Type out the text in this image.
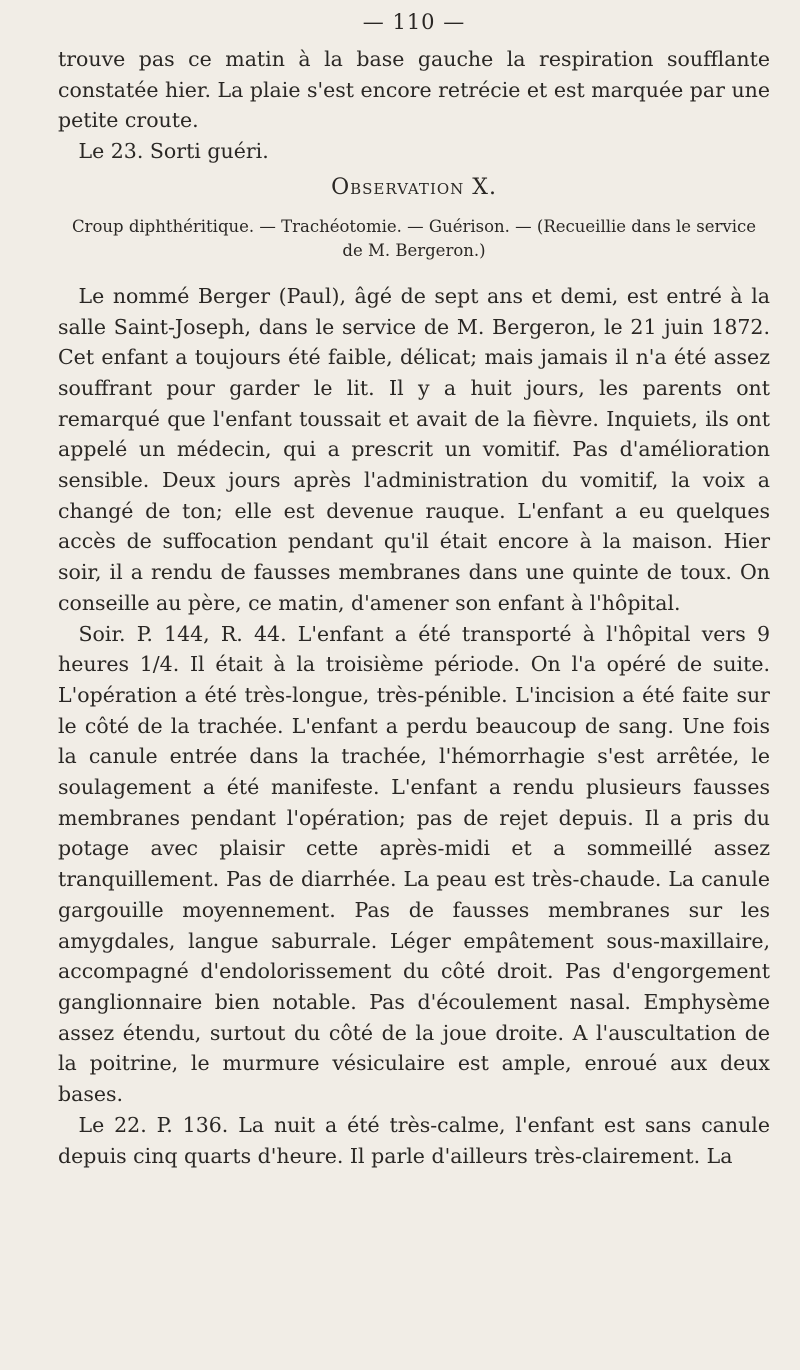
— 110 —

trouve pas ce matin à la base gauche la respiration soufflante constatée hier. La plaie s'est encore retrécie et est marquée par une petite croute.

Le 23. Sorti guéri.

Observation X.
Croup diphthéritique. — Trachéotomie. — Guérison. — (Recueillie dans le service de M. Bergeron.)

Le nommé Berger (Paul), âgé de sept ans et demi, est entré à la salle Saint-Joseph, dans le service de M. Bergeron, le 21 juin 1872. Cet enfant a toujours été faible, délicat; mais jamais il n'a été assez souffrant pour garder le lit. Il y a huit jours, les parents ont remarqué que l'enfant toussait et avait de la fièvre. Inquiets, ils ont appelé un médecin, qui a prescrit un vomitif. Pas d'amélioration sensible. Deux jours après l'administration du vomitif, la voix a changé de ton; elle est devenue rauque. L'enfant a eu quelques accès de suffocation pendant qu'il était encore à la maison. Hier soir, il a rendu de fausses membranes dans une quinte de toux. On conseille au père, ce matin, d'amener son enfant à l'hôpital.

Soir. P. 144, R. 44. L'enfant a été transporté à l'hôpital vers 9 heures 1/4. Il était à la troisième période. On l'a opéré de suite. L'opération a été très-longue, très-pénible. L'incision a été faite sur le côté de la trachée. L'enfant a perdu beaucoup de sang. Une fois la canule entrée dans la trachée, l'hémorrhagie s'est arrêtée, le soulagement a été manifeste. L'enfant a rendu plusieurs fausses membranes pendant l'opération; pas de rejet depuis. Il a pris du potage avec plaisir cette après-midi et a sommeillé assez tranquillement. Pas de diarrhée. La peau est très-chaude. La canule gargouille moyennement. Pas de fausses membranes sur les amygdales, langue saburrale. Léger empâtement sous-maxillaire, accompagné d'endolorissement du côté droit. Pas d'engorgement ganglionnaire bien notable. Pas d'écoulement nasal. Emphysème assez étendu, surtout du côté de la joue droite. A l'auscultation de la poitrine, le murmure vésiculaire est ample, enroué aux deux bases.

Le 22. P. 136. La nuit a été très-calme, l'enfant est sans canule depuis cinq quarts d'heure. Il parle d'ailleurs très-clairement. La
